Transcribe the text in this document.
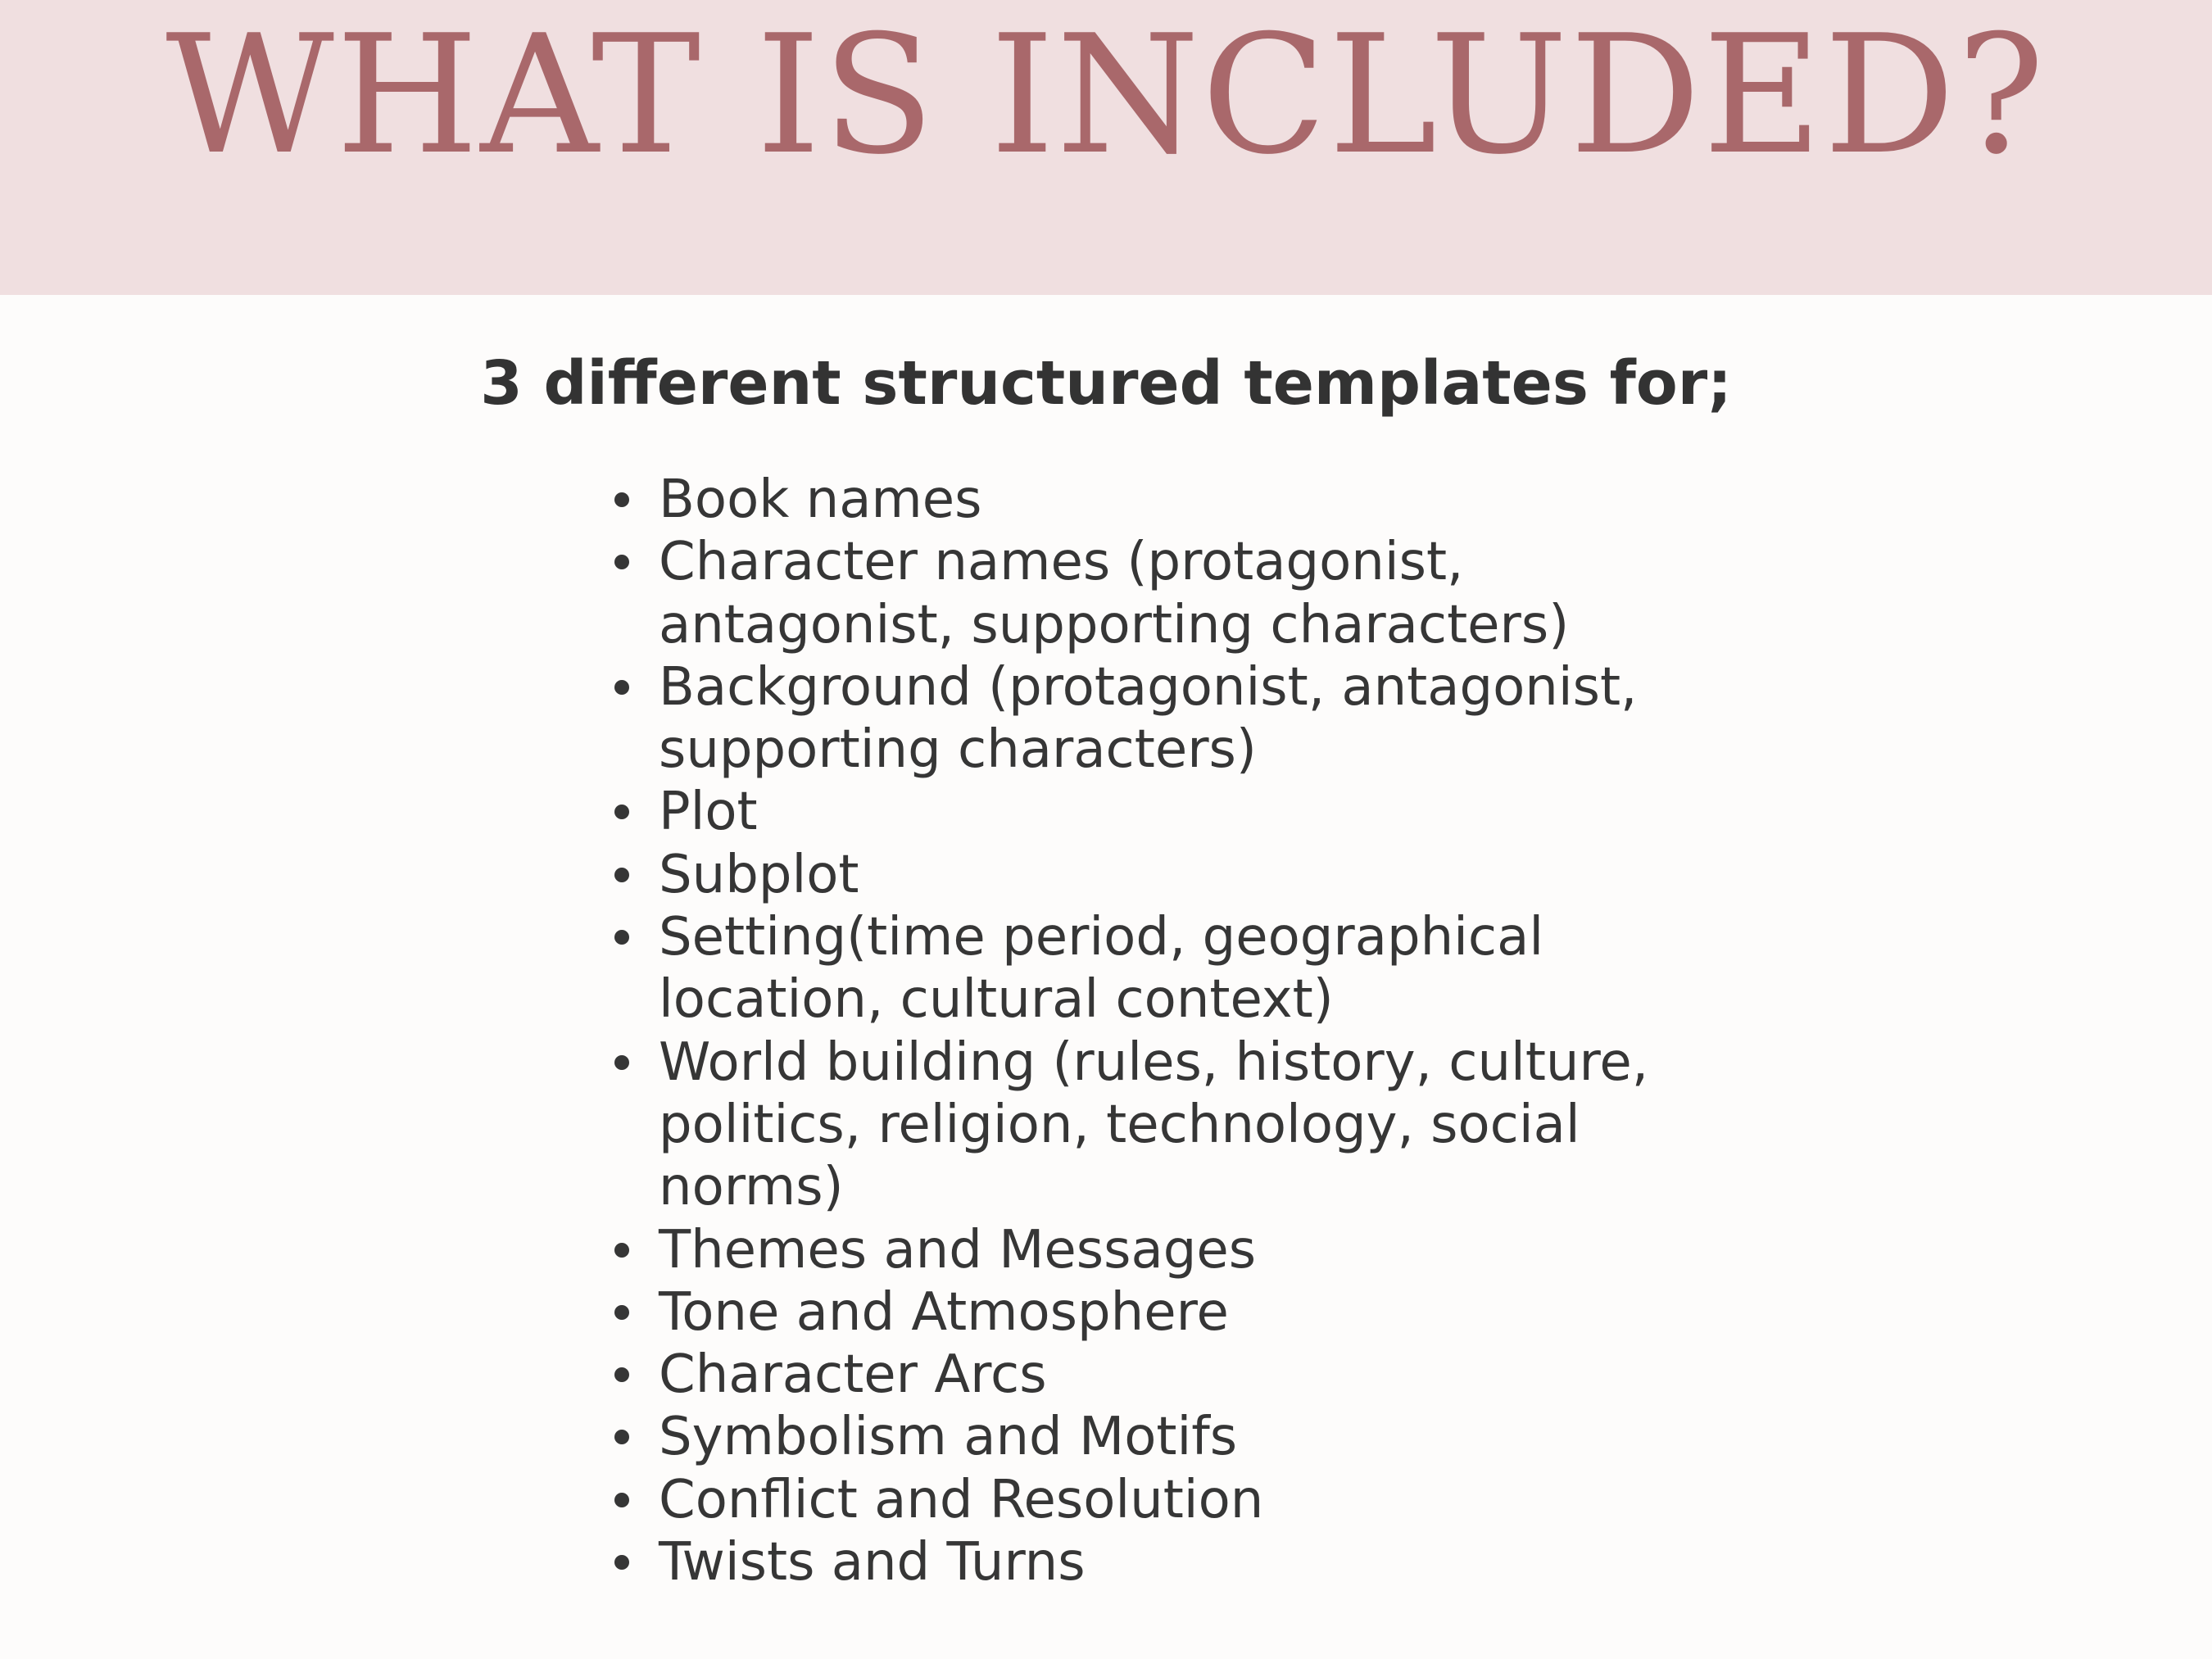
WHAT IS INCLUDED?
3 different structured templates for;
Book names
Character names (protagonist,
antagonist, supporting characters)
Background (protagonist, antagonist,
supporting characters)
Plot
Subplot
Setting(time period, geographical
location, cultural context)
World building (rules, history, culture,
politics, religion, technology, social
norms)
Themes and Messages
Tone and Atmosphere
Character Arcs
Symbolism and Motifs
Conflict and Resolution
Twists and Turns
